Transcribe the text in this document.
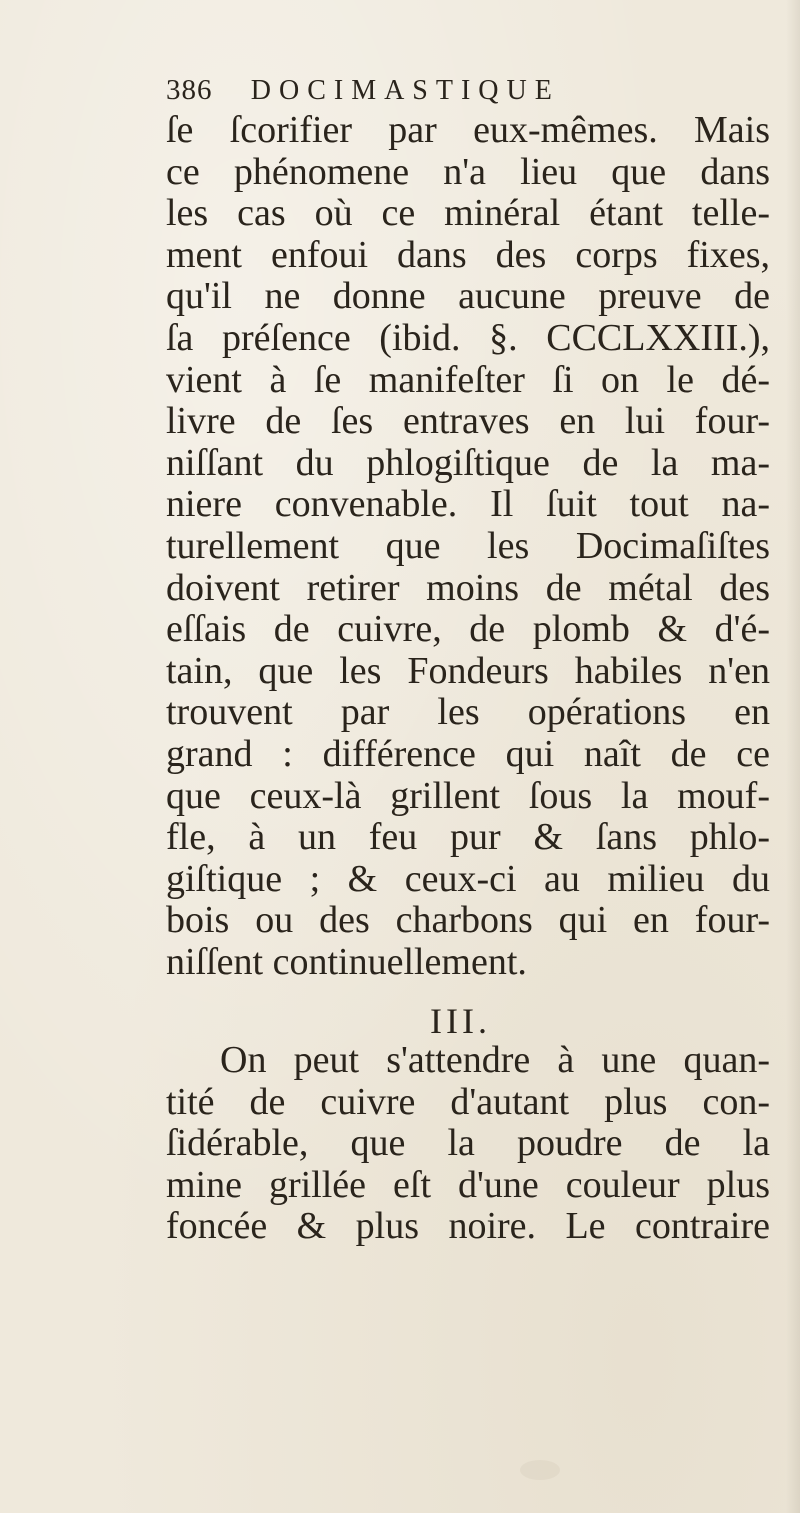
386 DOCIMASTIQUE
ſe ſcorifier par eux-mêmes. Mais
ce phénomene n'a lieu que dans
les cas où ce minéral étant telle-
ment enfoui dans des corps fixes,
qu'il ne donne aucune preuve de
ſa préſence (ibid. §. CCCLXXIII.),
vient à ſe manifeſter ſi on le dé-
livre de ſes entraves en lui four-
niſſant du phlogiſtique de la ma-
niere convenable. Il ſuit tout na-
turellement que les Docimaſiſtes
doivent retirer moins de métal des
eſſais de cuivre, de plomb & d'é-
tain, que les Fondeurs habiles n'en
trouvent par les opérations en
grand : différence qui naît de ce
que ceux-là grillent ſous la mouf-
fle, à un feu pur & ſans phlo-
giſtique ; & ceux-ci au milieu du
bois ou des charbons qui en four-
niſſent continuellement.
III.
On peut s'attendre à une quan-
tité de cuivre d'autant plus con-
ſidérable, que la poudre de la
mine grillée eſt d'une couleur plus
foncée & plus noire. Le contraire
